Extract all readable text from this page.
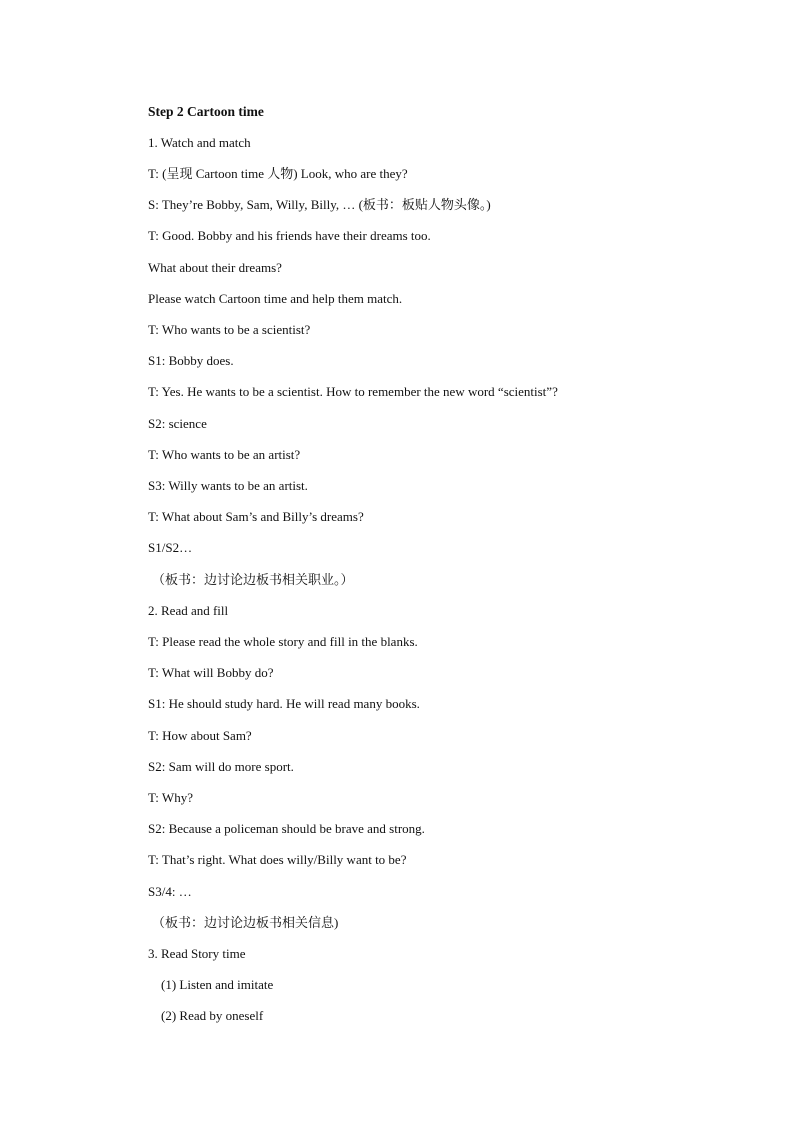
Step 2 Cartoon time
1. Watch and match
T: (呈现 Cartoon time 人物) Look, who are they?
S: They’re Bobby, Sam, Willy, Billy, … (板书：板贴人物头像。)
T: Good. Bobby and his friends have their dreams too.
What about their dreams?
Please watch Cartoon time and help them match.
T: Who wants to be a scientist?
S1: Bobby does.
T: Yes. He wants to be a scientist. How to remember the new word “scientist”?
S2: science
T: Who wants to be an artist?
S3: Willy wants to be an artist.
T: What about Sam’s and Billy’s dreams?
S1/S2…
（板书：边讨论边板书相关职业。）
2. Read and fill
T: Please read the whole story and fill in the blanks.
T: What will Bobby do?
S1: He should study hard. He will read many books.
T: How about Sam?
S2: Sam will do more sport.
T: Why?
S2: Because a policeman should be brave and strong.
T: That’s right. What does willy/Billy want to be?
S3/4: …
（板书：边讨论边板书相关信息)
3. Read Story time
(1) Listen and imitate
(2) Read by oneself
